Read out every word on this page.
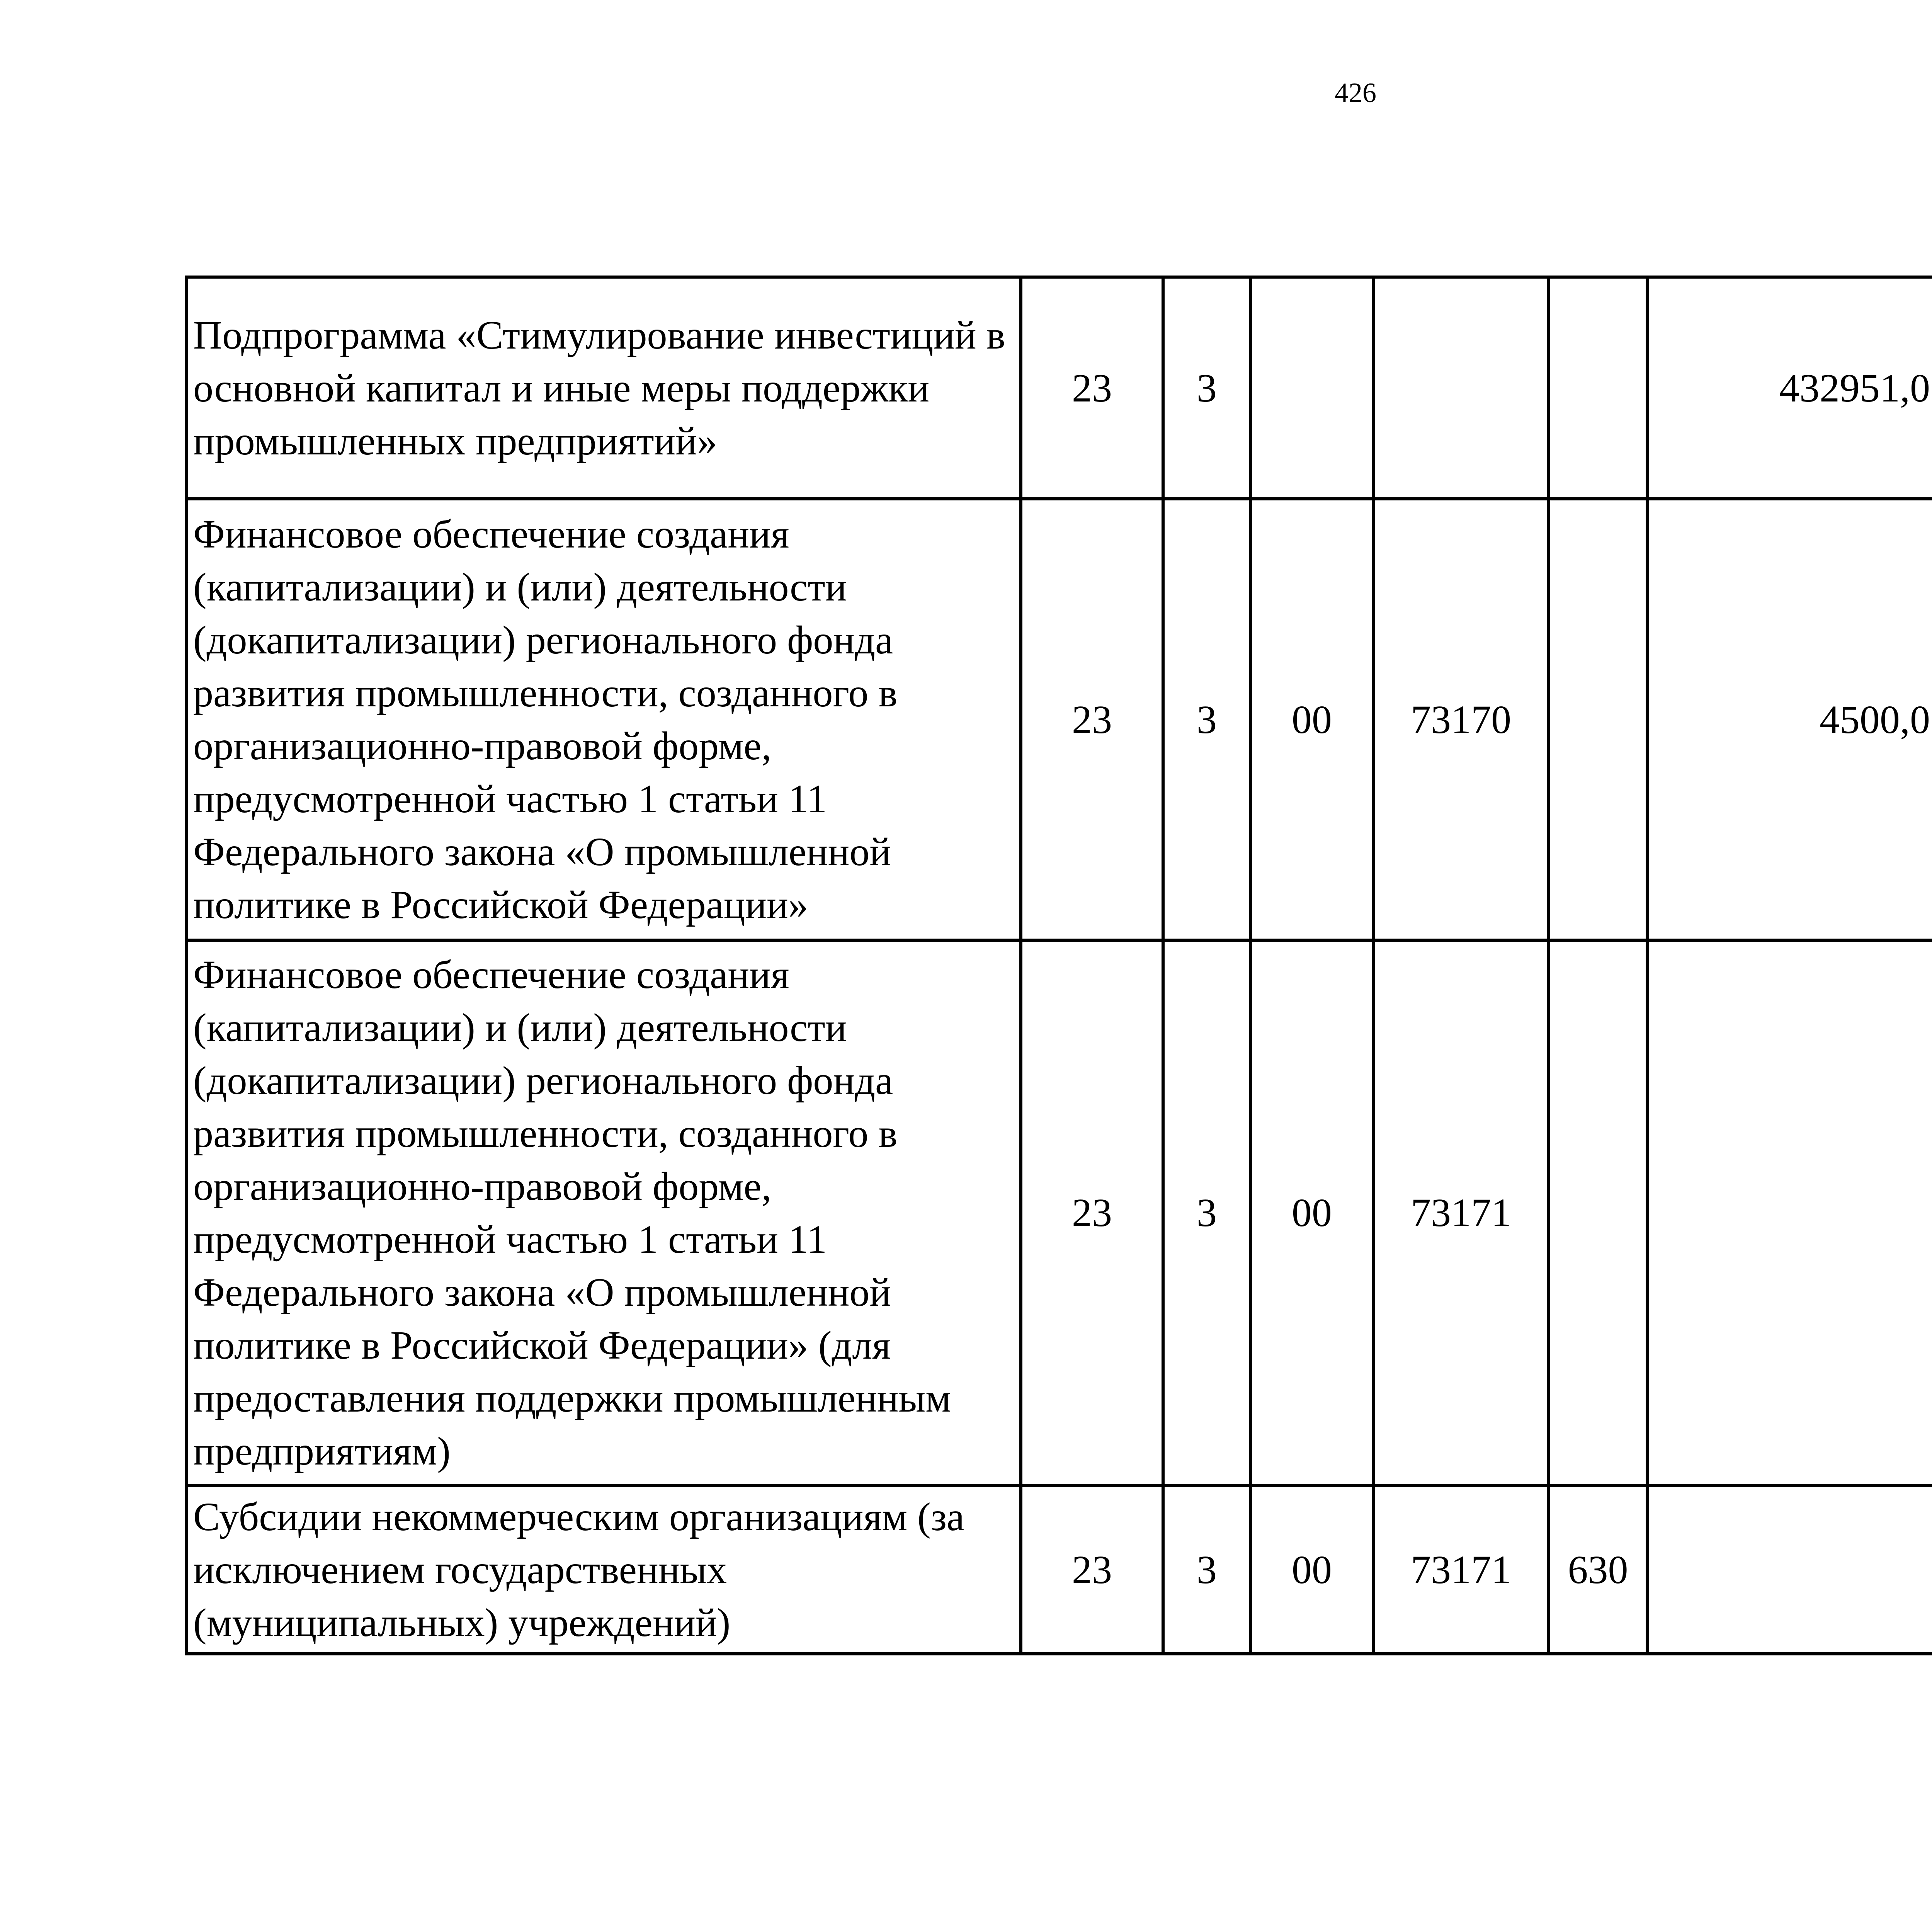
426
Подпрограмма «Стимулирование инвестиций в основной капитал и иные меры поддержки промышленных предприятий»	23	3				432951,0		
Финансовое обеспечение создания (капитализации) и (или) деятельности (докапитализации) регионального фонда развития промышленности, созданного в организационно-правовой форме, предусмотренной частью 1 статьи 11 Федерального закона «О промышленной политике в Российской Федерации»	23	3	00	73170		4500,0		
Финансовое обеспечение создания (капитализации) и (или) деятельности (докапитализации) регионального фонда развития промышленности, созданного в организационно-правовой форме, предусмотренной частью 1 статьи 11 Федерального закона «О промышленной политике в Российской Федерации» (для предоставления поддержки промышленным предприятиям)	23	3	00	73171				
Субсидии некоммерческим организациям (за исключением государственных (муниципальных) учреждений)	23	3	00	73171	630			
